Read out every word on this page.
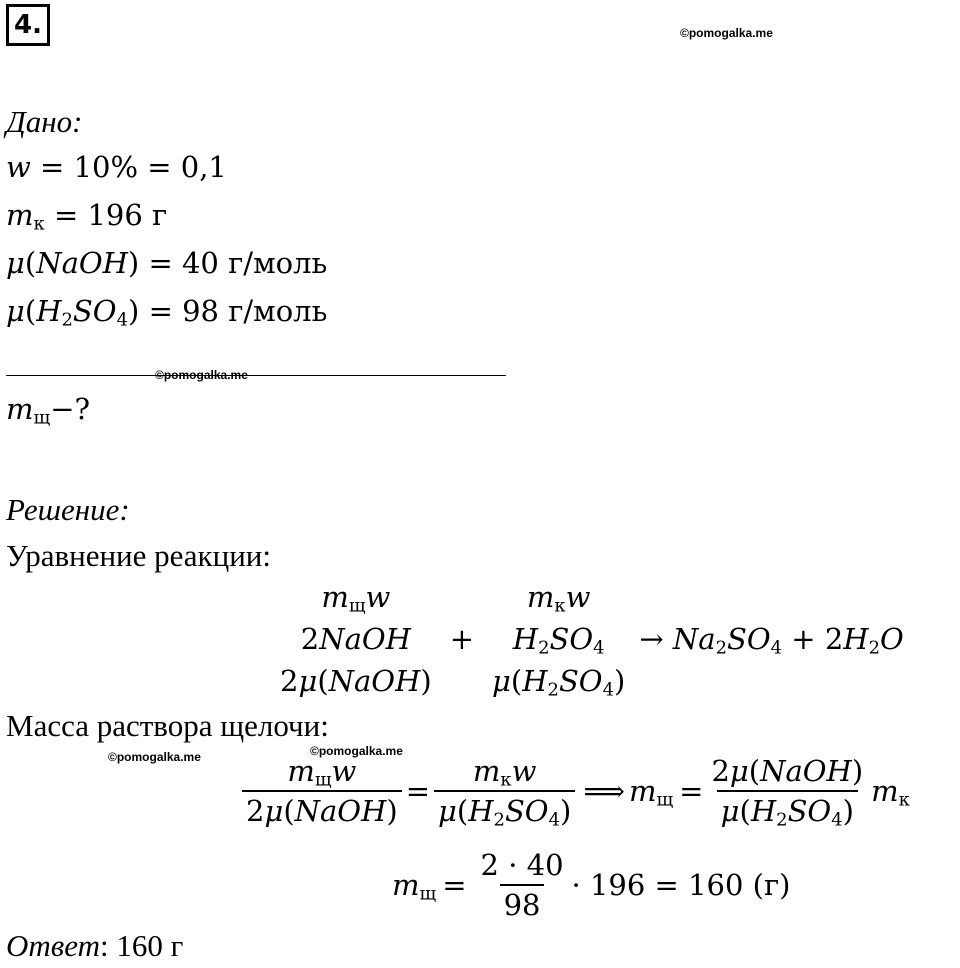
4.	©pomogalka.me
Дано:
w = 10% = 0,1
$m_к = 196$ г
μ(NaOH) = 40 г/моль
$\mu(H_2SO_4) = 98$ г/моль
©pomogalka.me
$m_щ-$?
Решение:
Уравнение реакции:
$m_щw$
2NaOH
2μ(NaOH)
+
$m_кw$
$H_2SO_4$
$\mu(H_2SO_4)$
→ $Na_2SO_4 + 2H_2O$
Масса раствора щелочи:
©pomogalka.me	©pomogalka.me
$\frac{m_щw}{\text{2μ(NaOH)}} = \frac{m_кw}{\mu(H_2SO_4)}$ ⟹ $m_щ = \frac{\text{2μ(NaOH)}}{\mu(H_2SO_4)} m_к$
$m_щ = \frac{2 \cdot 40}{98} \cdot 196 = 160$ (г)
Ответ: 160 г
